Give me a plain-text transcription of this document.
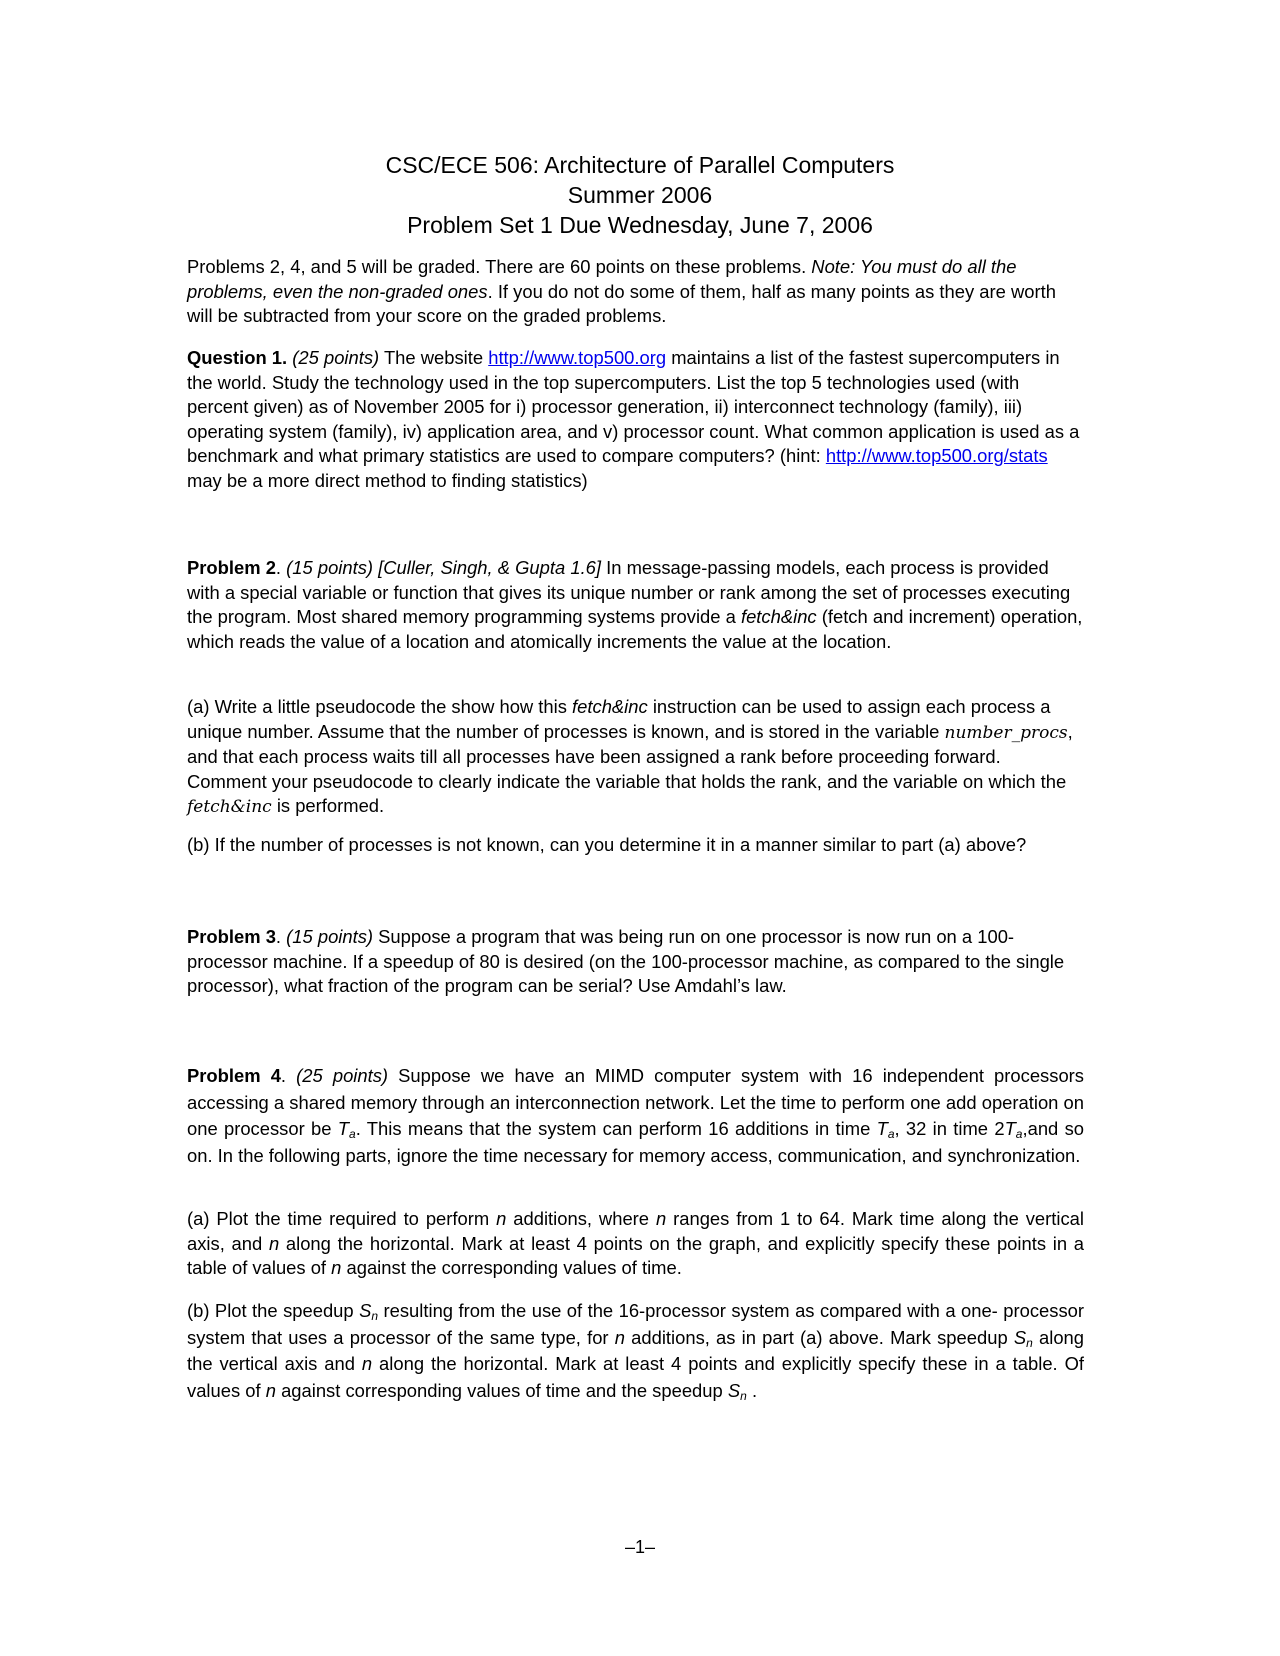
CSC/ECE 506: Architecture of Parallel Computers
Summer 2006
Problem Set 1 Due Wednesday, June 7, 2006

Problems 2, 4, and 5 will be graded. There are 60 points on these problems. Note: You must do all the problems, even the non-graded ones. If you do not do some of them, half as many points as they are worth will be subtracted from your score on the graded problems.

Question 1. (25 points) The website http://www.top500.org maintains a list of the fastest supercomputers in the world. Study the technology used in the top supercomputers. List the top 5 technologies used (with percent given) as of November 2005 for i) processor generation, ii) interconnect technology (family), iii) operating system (family), iv) application area, and v) processor count. What common application is used as a benchmark and what primary statistics are used to compare computers? (hint: http://www.top500.org/stats may be a more direct method to finding statistics)

Problem 2. (15 points) [Culler, Singh, & Gupta 1.6] In message-passing models, each process is provided with a special variable or function that gives its unique number or rank among the set of processes executing the program. Most shared memory programming systems provide a fetch&inc (fetch and increment) operation, which reads the value of a location and atomically increments the value at the location.

(a) Write a little pseudocode the show how this fetch&inc instruction can be used to assign each process a unique number. Assume that the number of processes is known, and is stored in the variable number_procs, and that each process waits till all processes have been assigned a rank before proceeding forward. Comment your pseudocode to clearly indicate the variable that holds the rank, and the variable on which the fetch&inc is performed.

(b) If the number of processes is not known, can you determine it in a manner similar to part (a) above?

Problem 3. (15 points) Suppose a program that was being run on one processor is now run on a 100-processor machine. If a speedup of 80 is desired (on the 100-processor machine, as compared to the single processor), what fraction of the program can be serial? Use Amdahl’s law.

Problem 4. (25 points) Suppose we have an MIMD computer system with 16 independent processors accessing a shared memory through an interconnection network. Let the time to perform one add operation on one processor be $T_a$. This means that the system can perform 16 additions in time $T_a$, 32 in time $2T_a,and$ so on. In the following parts, ignore the time necessary for memory access, communication, and synchronization.

(a) Plot the time required to perform n additions, where n ranges from 1 to 64. Mark time along the vertical axis, and n along the horizontal. Mark at least 4 points on the graph, and explicitly specify these points in a table of values of n against the corresponding values of time.

(b) Plot the speedup $S_n$ resulting from the use of the 16-processor system as compared with a one- processor system that uses a processor of the same type, for n additions, as in part (a) above. Mark speedup $S_n$ along the vertical axis and n along the horizontal. Mark at least 4 points and explicitly specify these in a table. Of values of n against corresponding values of time and the speedup $S_n$ .

–1–
